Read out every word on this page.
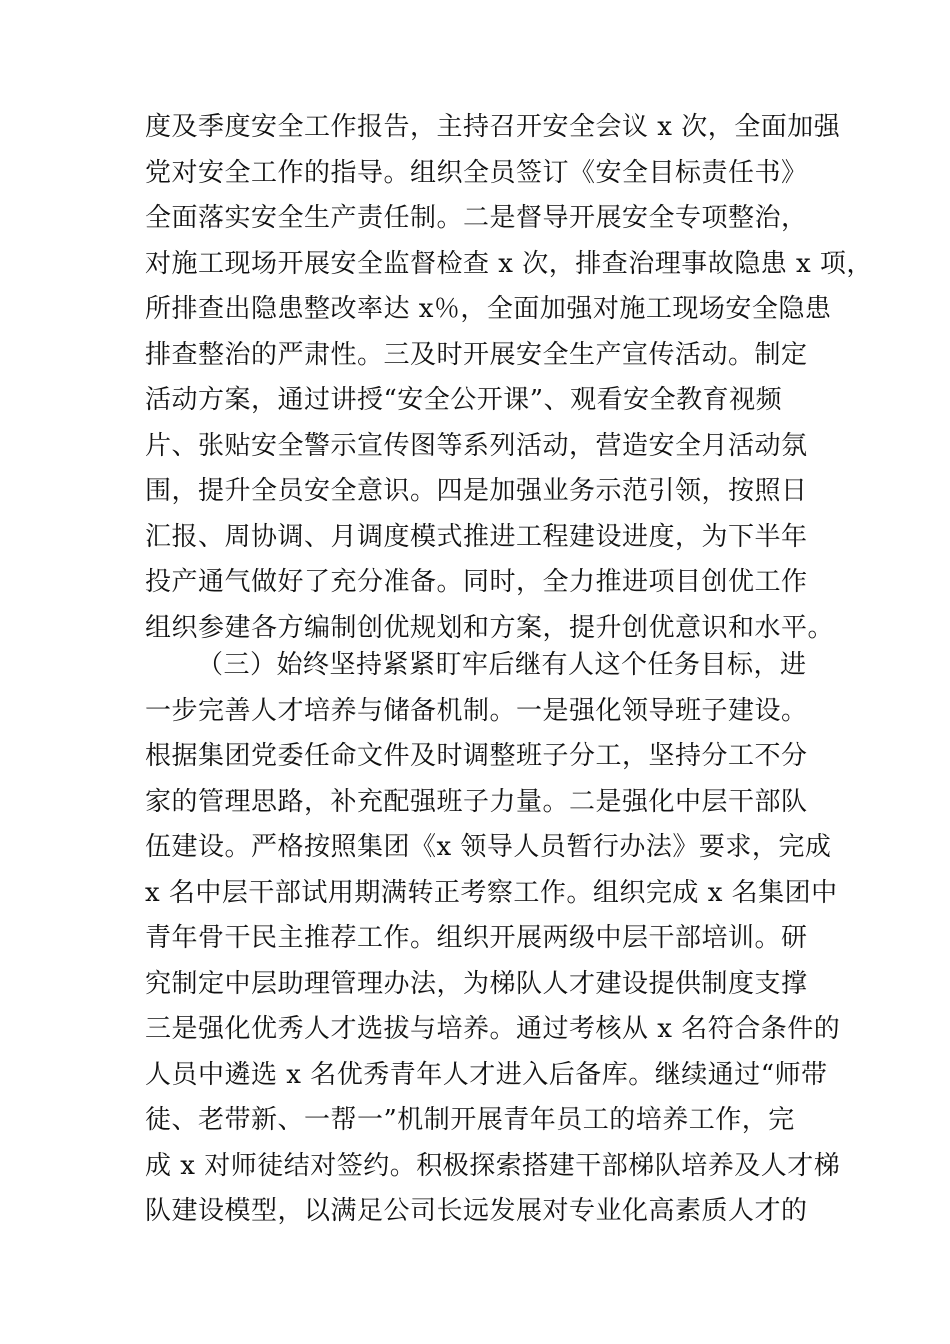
度及季度安全工作报告，主持召开安全会议 x 次，全面加强
党对安全工作的指导。组织全员签订《安全目标责任书》
全面落实安全生产责任制。二是督导开展安全专项整治，
对施工现场开展安全监督检查 x 次，排查治理事故隐患 x 项，
所排查出隐患整改率达 x％，全面加强对施工现场安全隐患
排查整治的严肃性。三及时开展安全生产宣传活动。制定
活动方案，通过讲授“安全公开课”、观看安全教育视频
片、张贴安全警示宣传图等系列活动，营造安全月活动氛
围，提升全员安全意识。四是加强业务示范引领，按照日
汇报、周协调、月调度模式推进工程建设进度，为下半年
投产通气做好了充分准备。同时，全力推进项目创优工作
组织参建各方编制创优规划和方案，提升创优意识和水平。
（三）始终坚持紧紧盯牢后继有人这个任务目标，进
一步完善人才培养与储备机制。一是强化领导班子建设。
根据集团党委任命文件及时调整班子分工，坚持分工不分
家的管理思路，补充配强班子力量。二是强化中层干部队
伍建设。严格按照集团《x 领导人员暂行办法》要求，完成
x 名中层干部试用期满转正考察工作。组织完成 x 名集团中
青年骨干民主推荐工作。组织开展两级中层干部培训。研
究制定中层助理管理办法，为梯队人才建设提供制度支撑
三是强化优秀人才选拔与培养。通过考核从 x 名符合条件的
人员中遴选 x 名优秀青年人才进入后备库。继续通过“师带
徒、老带新、一帮一”机制开展青年员工的培养工作，完
成 x 对师徒结对签约。积极探索搭建干部梯队培养及人才梯
队建设模型，以满足公司长远发展对专业化高素质人才的
